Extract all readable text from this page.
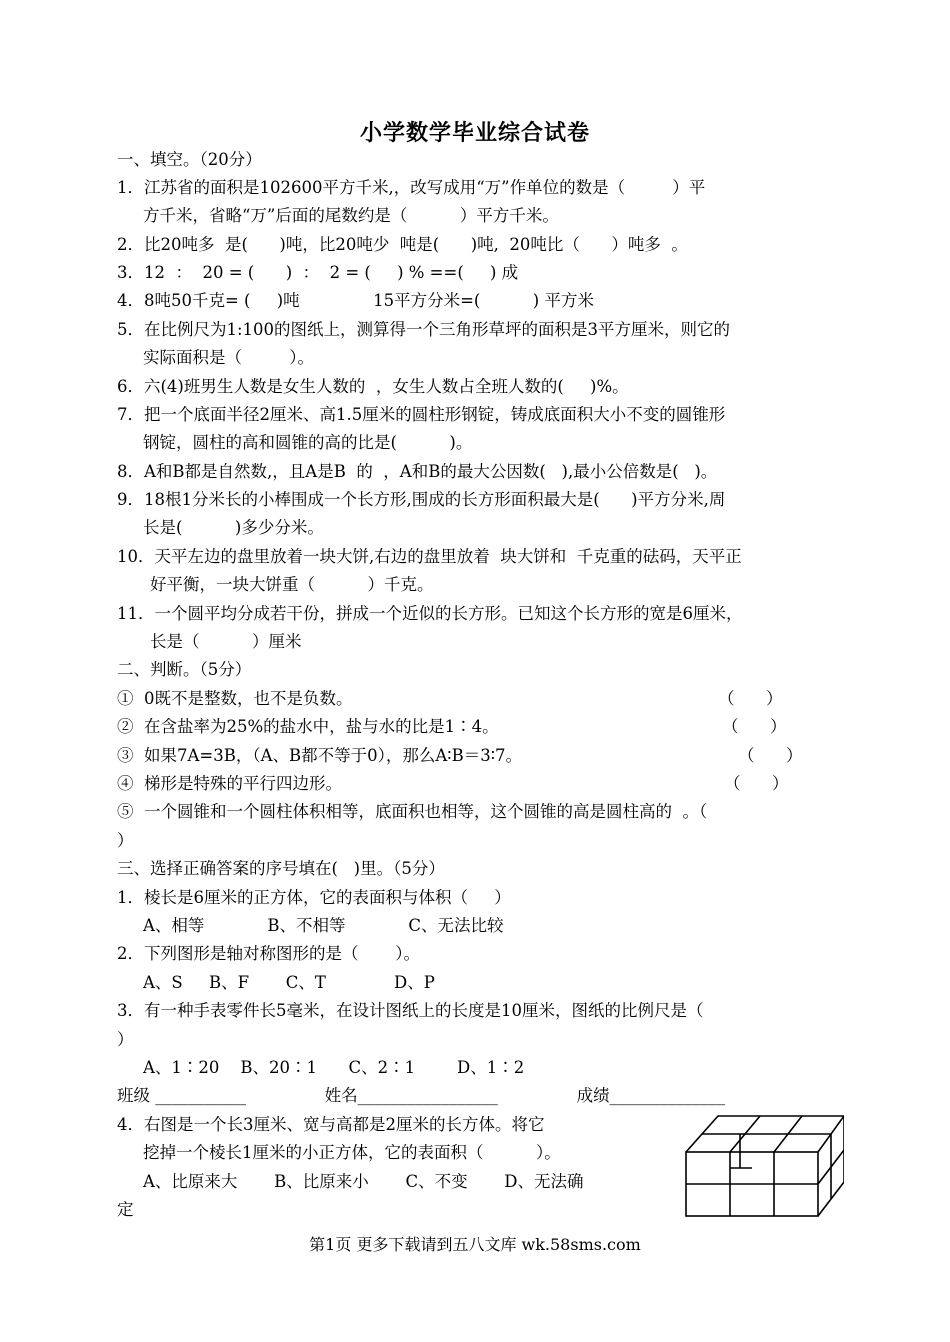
小学数学毕业综合试卷
一、填空。（20分）
1．江苏省的面积是102600平方千米,，改写成用“万”作单位的数是（         ）平
方千米，省略“万”后面的尾数约是（          ）平方千米。
2．比20吨多  是(      )吨，比20吨少  吨是(      )吨,  20吨比（      ）吨多  。
3．12  ：  20 = (      )  ：  2 = (     ) % ==(     ) 成
4．8吨50千克= (     )吨              15平方分米=(          ) 平方米
5．在比例尺为1:100的图纸上，测算得一个三角形草坪的面积是3平方厘米，则它的
实际面积是（         ）。
6．六(4)班男生人数是女生人数的  ，女生人数占全班人数的(     )%。
7．把一个底面半径2厘米、高1.5厘米的圆柱形钢锭，铸成底面积大小不变的圆锥形
钢锭，圆柱的高和圆锥的高的比是(          )。
8．A和B都是自然数,，且A是B  的  ，A和B的最大公因数(   ),最小公倍数是(   )。
9．18根1分米长的小棒围成一个长方形,围成的长方形面积最大是(      )平方分米,周
长是(          )多少分米。
10．天平左边的盘里放着一块大饼,右边的盘里放着  块大饼和  千克重的砝码，天平正
好平衡，一块大饼重（          ）千克。
11．一个圆平均分成若干份，拼成一个近似的长方形。已知这个长方形的宽是6厘米，
长是（          ）厘米
二、判断。（5分）
①  0既不是整数，也不是负数。	（      ）
②  在含盐率为25%的盐水中，盐与水的比是1∶4。	（      ）
③  如果7A=3B，（A、B都不等于0），那么A∶B＝3∶7。	（      ）
④  梯形是特殊的平行四边形。	（      ）
⑤  一个圆锥和一个圆柱体积相等，底面积也相等，这个圆锥的高是圆柱高的  。（
）
三、选择正确答案的序号填在(   )里。（5分）
1．棱长是6厘米的正方体，它的表面积与体积（     ）
A、相等            B、不相等            C、无法比较
2．下列图形是轴对称图形的是（       ）。
A、S     B、F       C、T             D、P
3．有一种手表零件长5毫米，在设计图纸上的长度是10厘米，图纸的比例尺是（
）
A、1∶20    B、20∶1      C、2∶1        D、1∶2
班级 ___________               姓名_________________               成绩______________
4．右图是一个长3厘米、宽与高都是2厘米的长方体。将它
挖掉一个棱长1厘米的小正方体，它的表面积（          ）。
A、比原来大       B、比原来小       C、不变       D、无法确
定
第1页 更多下载请到五八文库 wk.58sms.com
